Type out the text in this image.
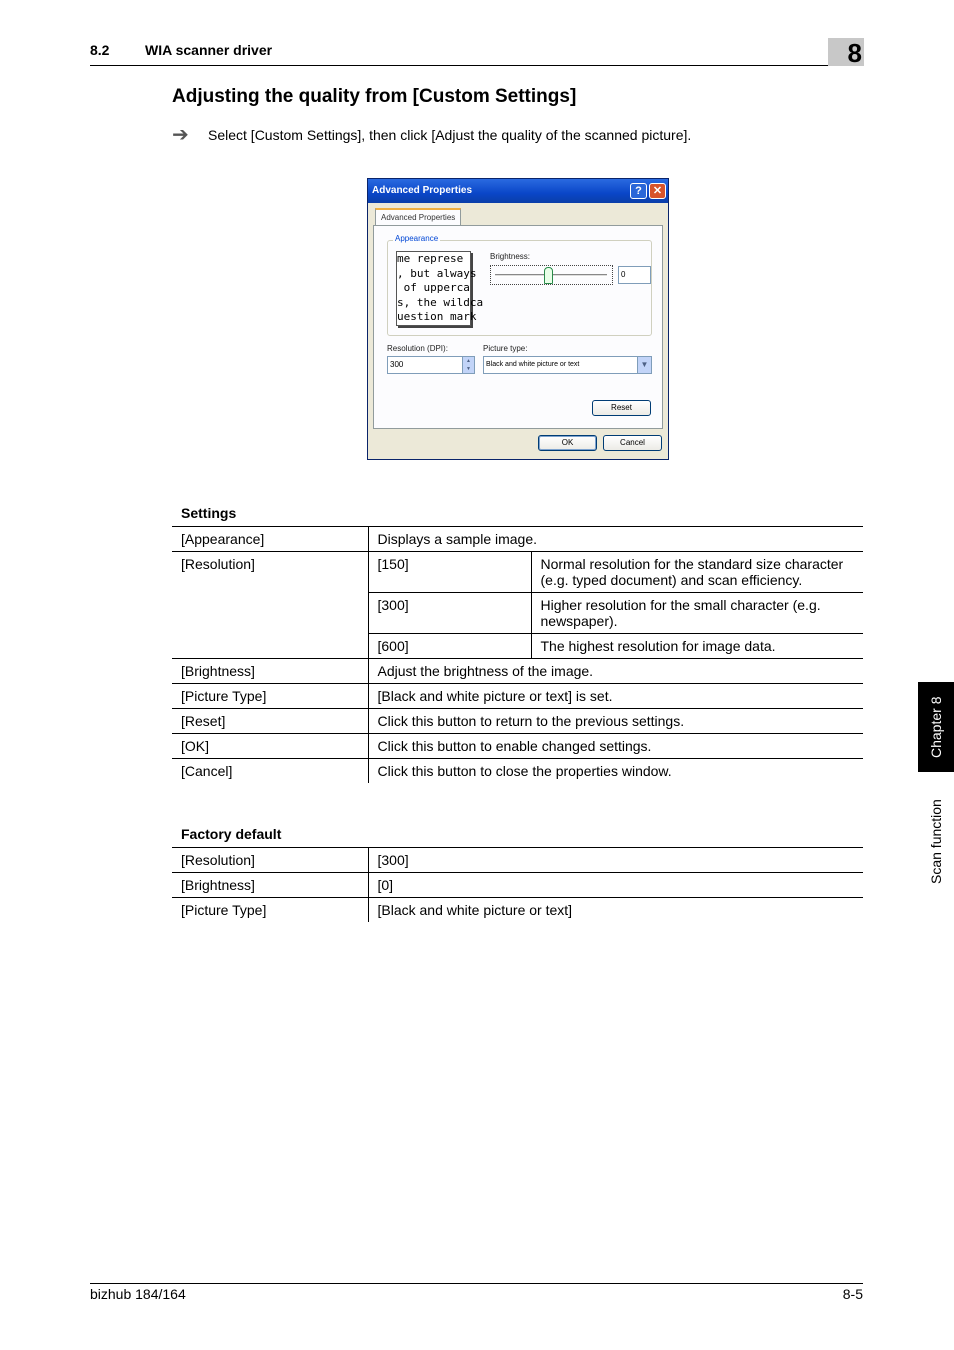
8.2	WIA scanner driver	8
Chapter 8
Scan function
Adjusting the quality from [Custom Settings]
➔ Select [Custom Settings], then click [Adjust the quality of the scanned picture].
Advanced Properties	?	✕
Advanced Properties
Appearance
me represe
, but always
of upperca
s, the wildca
uestion mark
Brightness:
0
Resolution (DPI):
300	▲
▼
Picture type:
Black and white picture or text	▼
Reset
OK	Cancel
Settings
[Appearance]	Displays a sample image.	
[Resolution]	[150]	Normal resolution for the standard size character (e.g. typed document) and scan efficiency.
	[300]	Higher resolution for the small character (e.g. newspaper).
	[600]	The highest resolution for image data.
[Brightness]	Adjust the brightness of the image.	
[Picture Type]	[Black and white picture or text] is set.	
[Reset]	Click this button to return to the previous settings.	
[OK]	Click this button to enable changed settings.	
[Cancel]	Click this button to close the properties window.	
Factory default
[Resolution]	[300]
[Brightness]	[0]
[Picture Type]	[Black and white picture or text]
bizhub 184/164	8-5
